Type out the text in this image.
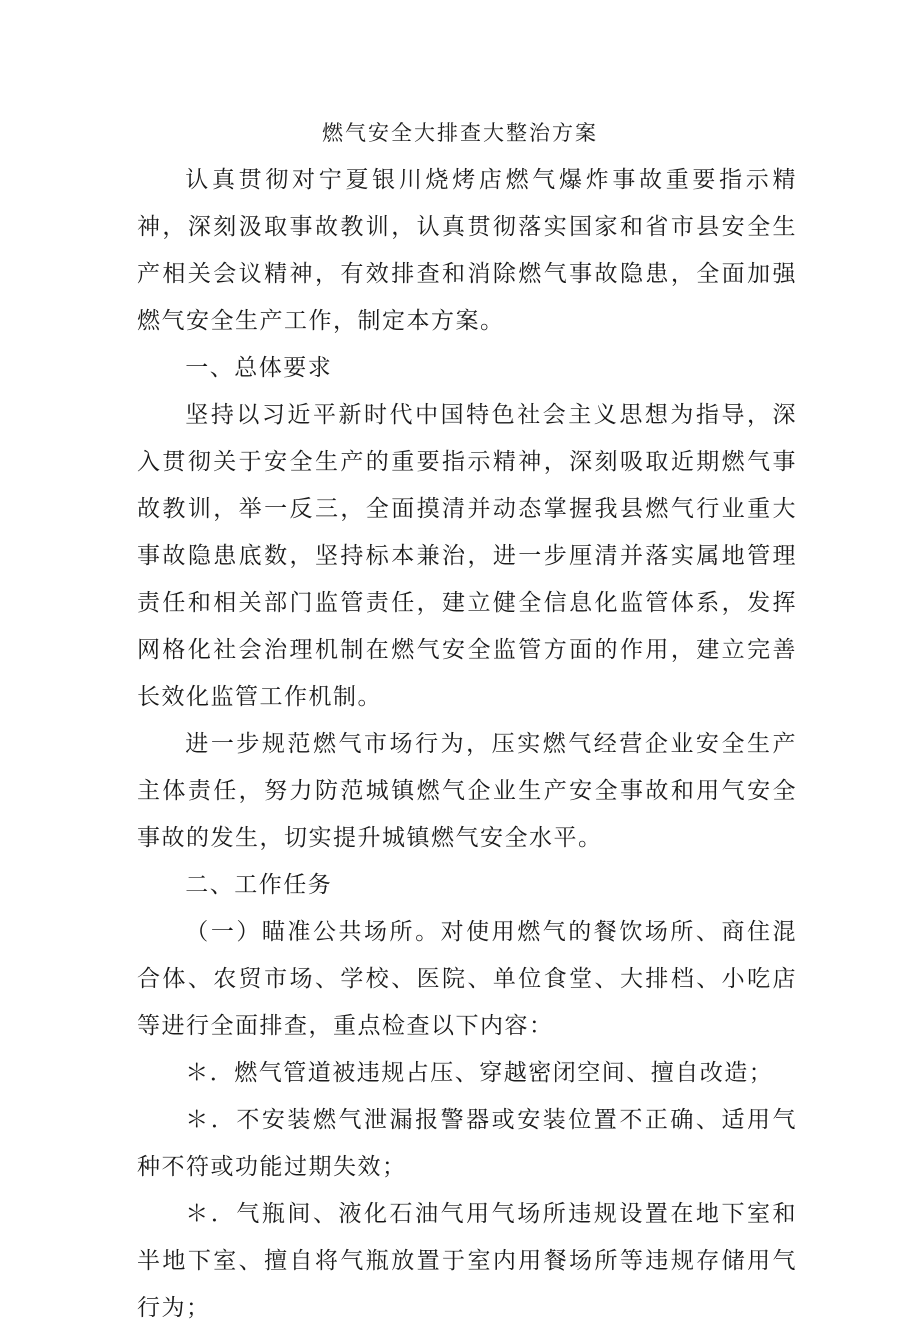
燃气安全大排查大整治方案

认真贯彻对宁夏银川烧烤店燃气爆炸事故重要指示精神，深刻汲取事故教训，认真贯彻落实国家和省市县安全生产相关会议精神，有效排查和消除燃气事故隐患，全面加强燃气安全生产工作，制定本方案。

一、总体要求

坚持以习近平新时代中国特色社会主义思想为指导，深入贯彻关于安全生产的重要指示精神，深刻吸取近期燃气事故教训，举一反三，全面摸清并动态掌握我县燃气行业重大事故隐患底数，坚持标本兼治，进一步厘清并落实属地管理责任和相关部门监管责任，建立健全信息化监管体系，发挥网格化社会治理机制在燃气安全监管方面的作用，建立完善长效化监管工作机制。

进一步规范燃气市场行为，压实燃气经营企业安全生产主体责任，努力防范城镇燃气企业生产安全事故和用气安全事故的发生，切实提升城镇燃气安全水平。

二、工作任务

（一）瞄准公共场所。对使用燃气的餐饮场所、商住混合体、农贸市场、学校、医院、单位食堂、大排档、小吃店等进行全面排查，重点检查以下内容：

＊．燃气管道被违规占压、穿越密闭空间、擅自改造；

＊．不安装燃气泄漏报警器或安装位置不正确、适用气种不符或功能过期失效；

＊．气瓶间、液化石油气用气场所违规设置在地下室和半地下室、擅自将气瓶放置于室内用餐场所等违规存储用气行为；
